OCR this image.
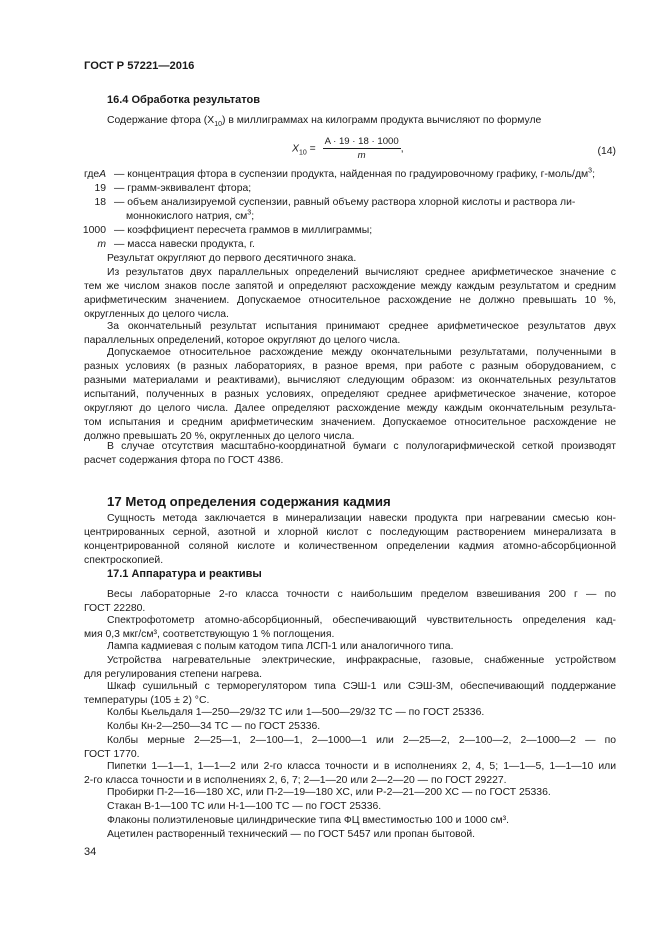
ГОСТ Р 57221—2016
16.4 Обработка результатов
Содержание фтора $(X_{10})$ в миллиграммах на килограмм продукта вычисляют по формуле
$X_{10} = \frac{A \cdot 19 \cdot 18 \cdot 1000}{m}$ ,	(14)
где A — концентрация фтора в суспензии продукта, найденная по градуировочному графику, $г-моль/дм^3$;
19 — грамм-эквивалент фтора;
18 — объем анализируемой суспензии, равный объему раствора хлорной кислоты и раствора ли-
моннокислого натрия, $см^3$;
1000 — коэффициент пересчета граммов в миллиграммы;
m — масса навески продукта, г.
Результат округляют до первого десятичного знака.
Из результатов двух параллельных определений вычисляют среднее арифметическое значение с
тем же числом знаков после запятой и определяют расхождение между каждым результатом и средним
арифметическим значением. Допускаемое относительное расхождение не должно превышать 10 %,
округленных до целого числа.
За окончательный результат испытания принимают среднее арифметическое результатов двух
параллельных определений, которое округляют до целого числа.
Допускаемое относительное расхождение между окончательными результатами, полученными в
разных условиях (в разных лабораториях, в разное время, при работе с разным оборудованием, с
разными материалами и реактивами), вычисляют следующим образом: из окончательных результатов
испытаний, полученных в разных условиях, определяют среднее арифметическое значение, которое
округляют до целого числа. Далее определяют расхождение между каждым окончательным результа-
том испытания и средним арифметическим значением. Допускаемое относительное расхождение не
должно превышать 20 %, округленных до целого числа.
В случае отсутствия масштабно-координатной бумаги с полулогарифмической сеткой производят
расчет содержания фтора по ГОСТ 4386.
17 Метод определения содержания кадмия
Сущность метода заключается в минерализации навески продукта при нагревании смесью кон-
центрированных серной, азотной и хлорной кислот с последующим растворением минерализата в
концентрированной соляной кислоте и количественном определении кадмия атомно-абсорбционной
спектроскопией.
17.1 Аппаратура и реактивы
Весы лабораторные 2-го класса точности с наибольшим пределом взвешивания 200 г — по
ГОСТ 22280.
Спектрофотометр атомно-абсорбционный, обеспечивающий чувствительность определения кад-
мия 0,3 мкг/см³, соответствующую 1 % поглощения.
Лампа кадмиевая с полым катодом типа ЛСП-1 или аналогичного типа.
Устройства нагревательные электрические, инфракрасные, газовые, снабженные устройством
для регулирования степени нагрева.
Шкаф сушильный с терморегулятором типа СЭШ-1 или СЭШ-3М, обеспечивающий поддержание
температуры (105 ± 2) °С.
Колбы Кьельдаля 1—250—29/32 ТС или 1—500—29/32 ТС — по ГОСТ 25336.
Колбы Кн-2—250—34 ТС — по ГОСТ 25336.
Колбы мерные 2—25—1, 2—100—1, 2—1000—1 или 2—25—2, 2—100—2, 2—1000—2 — по
ГОСТ 1770.
Пипетки 1—1—1, 1—1—2 или 2-го класса точности и в исполнениях 2, 4, 5; 1—1—5, 1—1—10 или
2-го класса точности и в исполнениях 2, 6, 7; 2—1—20 или 2—2—20 — по ГОСТ 29227.
Пробирки П-2—16—180 ХС, или П-2—19—180 ХС, или Р-2—21—200 ХС — по ГОСТ 25336.
Стакан В-1—100 ТС или Н-1—100 ТС — по ГОСТ 25336.
Флаконы полиэтиленовые цилиндрические типа ФЦ вместимостью 100 и 1000 см³.
Ацетилен растворенный технический — по ГОСТ 5457 или пропан бытовой.
34
